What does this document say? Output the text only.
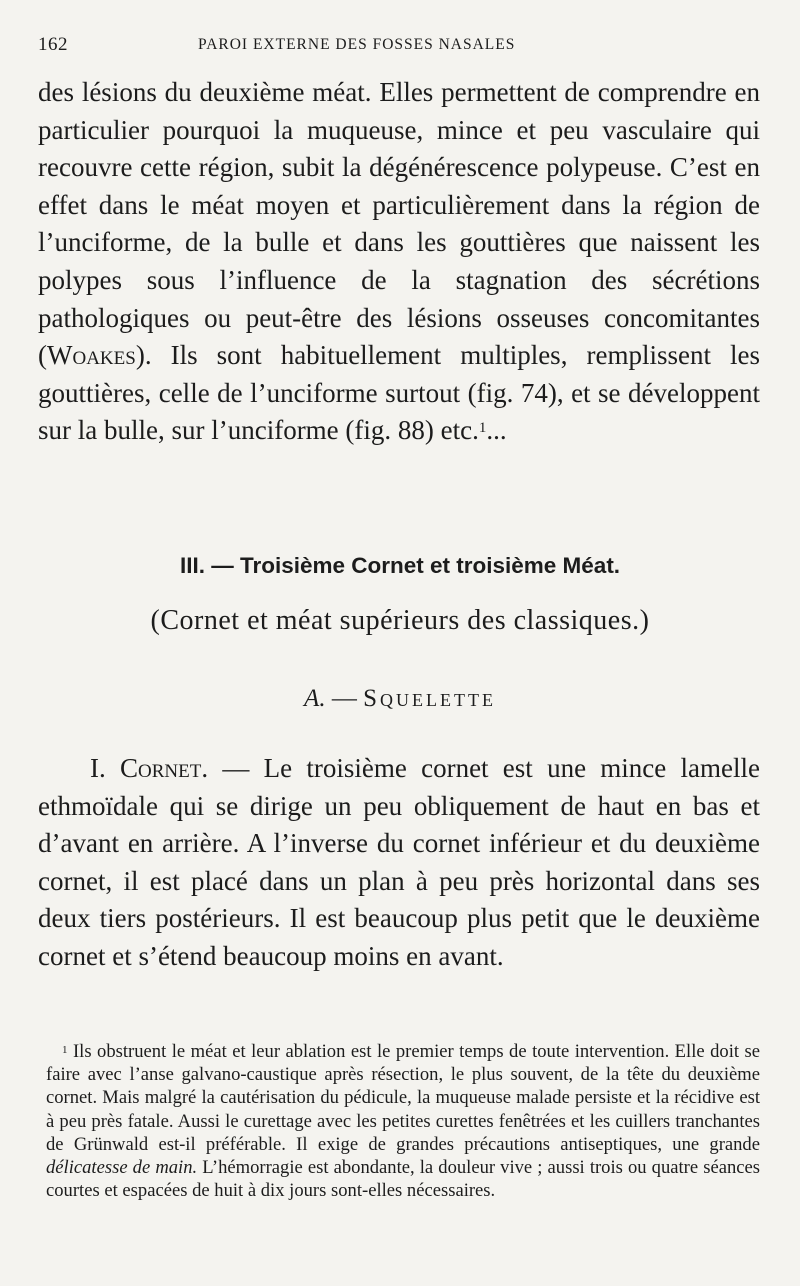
162	PAROI EXTERNE DES FOSSES NASALES

des lésions du deuxième méat. Elles permettent de comprendre en particulier pourquoi la muqueuse, mince et peu vasculaire qui recouvre cette région, subit la dégénérescence polypeuse. C’est en effet dans le méat moyen et particulièrement dans la région de l’unciforme, de la bulle et dans les gouttières que naissent les polypes sous l’influence de la stagnation des sécrétions pathologiques ou peut-être des lésions osseuses concomitantes (Woakes). Ils sont habituellement multiples, remplissent les gouttières, celle de l’unciforme surtout (fig. 74), et se développent sur la bulle, sur l’unciforme (fig. 88) etc.$^1$...

III. — Troisième Cornet et troisième Méat.
(Cornet et méat supérieurs des classiques.)
A. — Squelette

I. Cornet. — Le troisième cornet est une mince lamelle ethmoïdale qui se dirige un peu obliquement de haut en bas et d’avant en arrière. A l’inverse du cornet inférieur et du deuxième cornet, il est placé dans un plan à peu près horizontal dans ses deux tiers postérieurs. Il est beaucoup plus petit que le deuxième cornet et s’étend beaucoup moins en avant.

$^1$ Ils obstruent le méat et leur ablation est le premier temps de toute intervention. Elle doit se faire avec l’anse galvano-caustique après résection, le plus souvent, de la tête du deuxième cornet. Mais malgré la cautérisation du pédicule, la muqueuse malade persiste et la récidive est à peu près fatale. Aussi le curettage avec les petites curettes fenêtrées et les cuillers tranchantes de Grünwald est-il préférable. Il exige de grandes précautions antiseptiques, une grande délicatesse de main. L’hémorragie est abondante, la douleur vive ; aussi trois ou quatre séances courtes et espacées de huit à dix jours sont-elles nécessaires.
